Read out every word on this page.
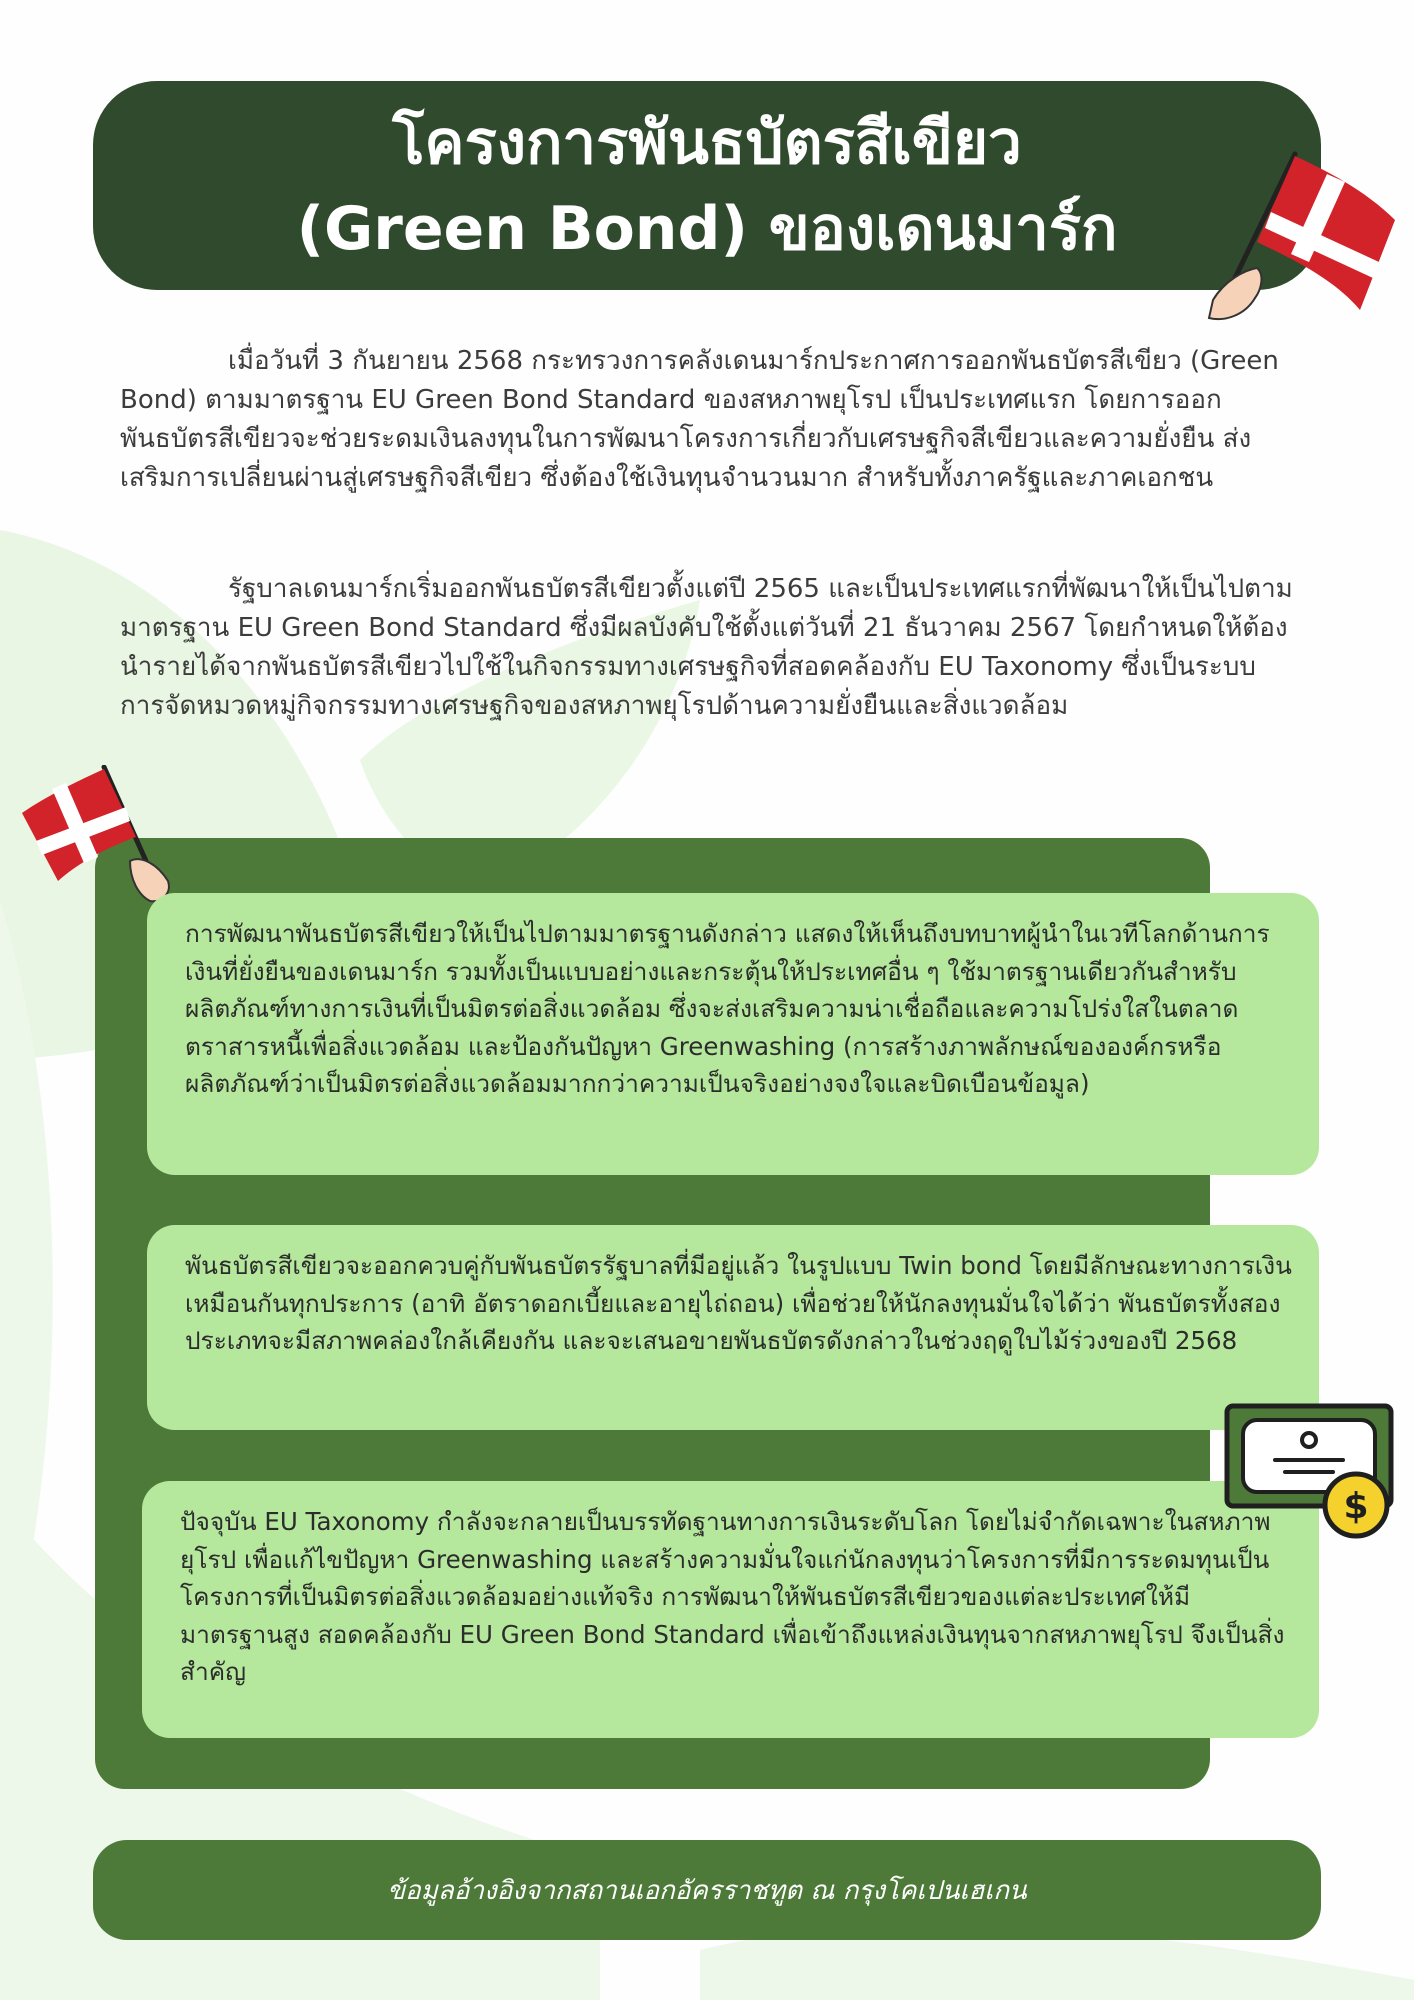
โครงการพันธบัตรสีเขียว
(Green Bond) ของเดนมาร์ก

เมื่อวันที่ 3 กันยายน 2568 กระทรวงการคลังเดนมาร์กประกาศการออกพันธบัตรสีเขียว (Green Bond) ตามมาตรฐาน EU Green Bond Standard ของสหภาพยุโรป เป็นประเทศแรก โดยการออกพันธบัตรสีเขียวจะช่วยระดมเงินลงทุนในการพัฒนาโครงการเกี่ยวกับเศรษฐกิจสีเขียวและความยั่งยืน ส่งเสริมการเปลี่ยนผ่านสู่เศรษฐกิจสีเขียว ซึ่งต้องใช้เงินทุนจำนวนมาก สำหรับทั้งภาครัฐและภาคเอกชน

รัฐบาลเดนมาร์กเริ่มออกพันธบัตรสีเขียวตั้งแต่ปี 2565 และเป็นประเทศแรกที่พัฒนาให้เป็นไปตามมาตรฐาน EU Green Bond Standard ซึ่งมีผลบังคับใช้ตั้งแต่วันที่ 21 ธันวาคม 2567 โดยกำหนดให้ต้องนำรายได้จากพันธบัตรสีเขียวไปใช้ในกิจกรรมทางเศรษฐกิจที่สอดคล้องกับ EU Taxonomy ซึ่งเป็นระบบการจัดหมวดหมู่กิจกรรมทางเศรษฐกิจของสหภาพยุโรปด้านความยั่งยืนและสิ่งแวดล้อม

การพัฒนาพันธบัตรสีเขียวให้เป็นไปตามมาตรฐานดังกล่าว แสดงให้เห็นถึงบทบาทผู้นำในเวทีโลกด้านการเงินที่ยั่งยืนของเดนมาร์ก รวมทั้งเป็นแบบอย่างและกระตุ้นให้ประเทศอื่น ๆ ใช้มาตรฐานเดียวกันสำหรับผลิตภัณฑ์ทางการเงินที่เป็นมิตรต่อสิ่งแวดล้อม ซึ่งจะส่งเสริมความน่าเชื่อถือและความโปร่งใสในตลาดตราสารหนี้เพื่อสิ่งแวดล้อม และป้องกันปัญหา Greenwashing (การสร้างภาพลักษณ์ขององค์กรหรือผลิตภัณฑ์ว่าเป็นมิตรต่อสิ่งแวดล้อมมากกว่าความเป็นจริงอย่างจงใจและบิดเบือนข้อมูล)

พันธบัตรสีเขียวจะออกควบคู่กับพันธบัตรรัฐบาลที่มีอยู่แล้ว ในรูปแบบ Twin bond โดยมีลักษณะทางการเงินเหมือนกันทุกประการ (อาทิ อัตราดอกเบี้ยและอายุไถ่ถอน) เพื่อช่วยให้นักลงทุนมั่นใจได้ว่า พันธบัตรทั้งสองประเภทจะมีสภาพคล่องใกล้เคียงกัน และจะเสนอขายพันธบัตรดังกล่าวในช่วงฤดูใบไม้ร่วงของปี 2568

ปัจจุบัน EU Taxonomy กำลังจะกลายเป็นบรรทัดฐานทางการเงินระดับโลก โดยไม่จำกัดเฉพาะในสหภาพยุโรป เพื่อแก้ไขปัญหา Greenwashing และสร้างความมั่นใจแก่นักลงทุนว่าโครงการที่มีการระดมทุนเป็นโครงการที่เป็นมิตรต่อสิ่งแวดล้อมอย่างแท้จริง การพัฒนาให้พันธบัตรสีเขียวของแต่ละประเทศให้มีมาตรฐานสูง สอดคล้องกับ EU Green Bond Standard เพื่อเข้าถึงแหล่งเงินทุนจากสหภาพยุโรป จึงเป็นสิ่งสำคัญ

$
ข้อมูลอ้างอิงจากสถานเอกอัครราชทูต ณ กรุงโคเปนเฮเกน
